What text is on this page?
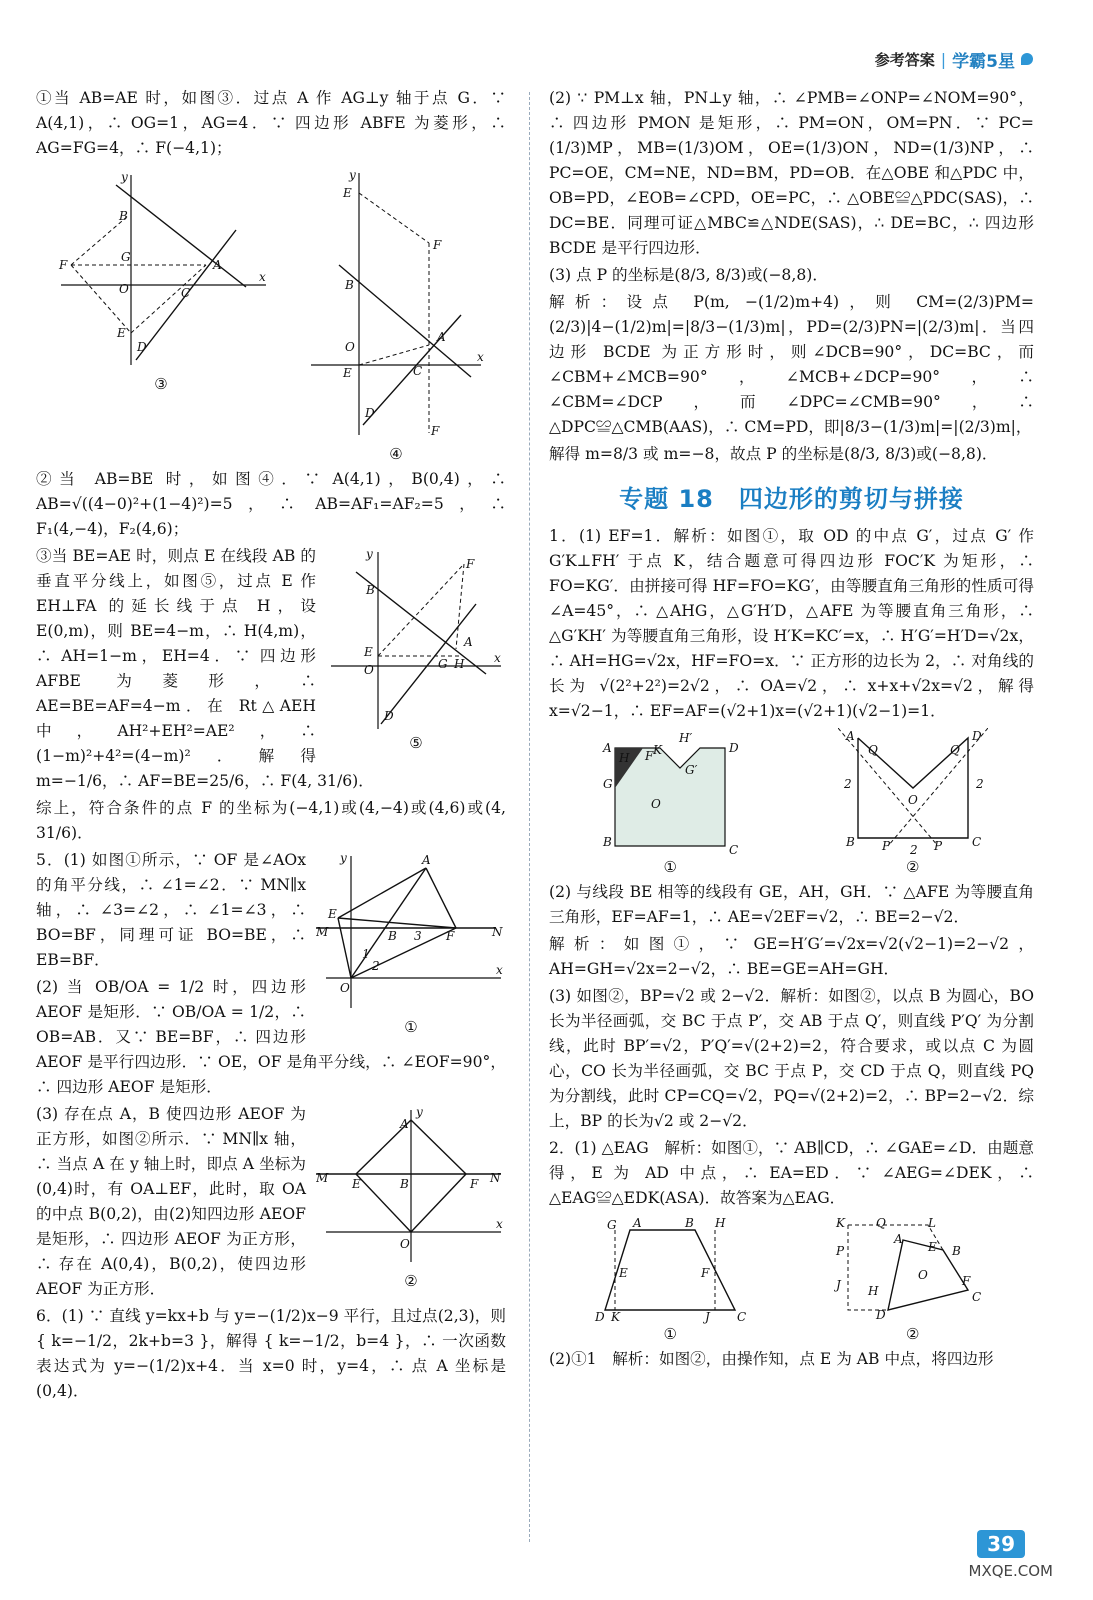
参考答案 | 学霸5星

①当 AB=AE 时，如图③．过点 A 作 AG⊥y 轴于点 G．∵ A(4,1)，∴ OG=1，AG=4．∵ 四边形 ABFE 为菱形，∴ AG=FG=4，∴ F(−4,1)；

y
x
B
F
G
A
O	C
E
D
③
y
x
E
F
B
O
A
E	C
D
F
④

②当 AB=BE 时，如图④．∵ A(4,1)，B(0,4)，∴ AB=√((4−0)²+(1−4)²)=5，∴ AB=AF₁=AF₂=5，∴ F₁(4,−4)，F₂(4,6)；

y
x
B
F
E
O
A
G H
D
⑤

③当 BE=AE 时，则点 E 在线段 AB 的垂直平分线上，如图⑤，过点 E 作 EH⊥FA 的延长线于点 H，设 E(0,m)，则 BE=4−m，∴ H(4,m)，∴ AH=1−m，EH=4．∵ 四边形 AFBE 为菱形，∴ AE=BE=AF=4−m．在 Rt△AEH 中，AH²+EH²=AE²，∴ (1−m)²+4²=(4−m)²．解得 m=−1/6，∴ AF=BE=25/6，∴ F(4, 31/6)．

综上，符合条件的点 F 的坐标为(−4,1)或(4,−4)或(4,6)或(4, 31/6)．

y
x
M	N
A
E
B 3 F
1
2
O
①

5．(1) 如图①所示，∵ OF 是∠AOx 的角平分线，∴ ∠1=∠2．∵ MN∥x 轴，∴ ∠3=∠2，∴ ∠1=∠3，∴ BO=BF，同理可证 BO=BE，∴ EB=BF．

(2) 当 OB/OA = 1/2 时，四边形 AEOF 是矩形．∵ OB/OA = 1/2，∴ OB=AB．又∵ BE=BF，∴ 四边形 AEOF 是平行四边形．∵ OE，OF 是角平分线，∴ ∠EOF=90°，∴ 四边形 AEOF 是矩形．

y
x
M	N
A
E	B	F
O
②

(3) 存在点 A，B 使四边形 AEOF 为正方形，如图②所示．∵ MN∥x 轴，∴ 当点 A 在 y 轴上时，即点 A 坐标为(0,4)时，有 OA⊥EF，此时，取 OA 的中点 B(0,2)，由(2)知四边形 AEOF 是矩形，∴ 四边形 AEOF 为正方形，∴ 存在 A(0,4)，B(0,2)，使四边形 AEOF 为正方形．

6．(1) ∵ 直线 y=kx+b 与 y=−(1/2)x−9 平行，且过点(2,3)，则 { k=−1/2，2k+b=3 }，解得 { k=−1/2，b=4 }，∴ 一次函数表达式为 y=−(1/2)x+4．当 x=0 时，y=4，∴ 点 A 坐标是(0,4)．

(2) ∵ PM⊥x 轴，PN⊥y 轴，∴ ∠PMB=∠ONP=∠NOM=90°，∴ 四边形 PMON 是矩形，∴ PM=ON，OM=PN．∵ PC=(1/3)MP，MB=(1/3)OM，OE=(1/3)ON，ND=(1/3)NP，∴ PC=OE，CM=NE，ND=BM，PD=OB．在△OBE 和△PDC 中，OB=PD，∠EOB=∠CPD，OE=PC，∴ △OBE≌△PDC(SAS)，∴ DC=BE．同理可证△MBC≌△NDE(SAS)，∴ DE=BC，∴ 四边形 BCDE 是平行四边形．

(3) 点 P 的坐标是(8/3, 8/3)或(−8,8)．

解析：设点 P(m, −(1/2)m+4)，则 CM=(2/3)PM=(2/3)|4−(1/2)m|=|8/3−(1/3)m|，PD=(2/3)PN=|(2/3)m|．当四边形 BCDE 为正方形时，则∠DCB=90°，DC=BC，而∠CBM+∠MCB=90°，∠MCB+∠DCP=90°，∴ ∠CBM=∠DCP，而∠DPC=∠CMB=90°，∴ △DPC≌△CMB(AAS)，∴ CM=PD，即|8/3−(1/3)m|=|(2/3)m|，

解得 m=8/3 或 m=−8，故点 P 的坐标是(8/3, 8/3)或(−8,8)．

专题 18　四边形的剪切与拼接

1．(1) EF=1．解析：如图①，取 OD 的中点 G′，过点 G′ 作 G′K⊥FH′ 于点 K，结合题意可得四边形 FOC′K 为矩形，∴ FO=KG′．由拼接可得 HF=FO=KG′，由等腰直角三角形的性质可得∠A=45°，∴ △AHG，△G′H′D，△AFE 为等腰直角三角形，∴ △G′KH′ 为等腰直角三角形，设 H′K=KC′=x，∴ H′G′=H′D=√2x，∴ AH=HG=√2x，HF=FO=x．∵ 正方形的边长为 2，∴ 对角线的长为 √(2²+2²)=2√2，∴ OA=√2，∴ x+x+√2x=√2，解得 x=√2−1，∴ EF=AF=(√2+1)x=(√2+1)(√2−1)=1．

A
H F K
H′
G′
D
G
O
B
C
①
A	D
Q	Q
O
B	C
P	P
2
2	2
②

(2) 与线段 BE 相等的线段有 GE，AH，GH．∵ △AFE 为等腰直角三角形，EF=AF=1，∴ AE=√2EF=√2，∴ BE=2−√2．

解析：如图①，∵ GE=H′G′=√2x=√2(√2−1)=2−√2，AH=GH=√2x=2−√2，∴ BE=GE=AH=GH．

(3) 如图②，BP=√2 或 2−√2．解析：如图②，以点 B 为圆心，BO 长为半径画弧，交 BC 于点 P′，交 AB 于点 Q′，则直线 P′Q′ 为分割线，此时 BP′=√2，P′Q′=√(2+2)=2，符合要求，或以点 C 为圆心，CO 长为半径画弧，交 BC 于点 P，交 CD 于点 Q，则直线 PQ 为分割线，此时 CP=CQ=√2，PQ=√(2+2)=2，∴ BP=2−√2．综上，BP 的长为√2 或 2−√2．

2．(1) △EAG　解析：如图①，∵ AB∥CD，∴ ∠GAE=∠D．由题意得，E 为 AD 中点，∴ EA=ED．∵ ∠AEG=∠DEK，∴ △EAG≌△EDK(ASA)．故答案为△EAG．

G A	B H
E	F
D K	J C
①
K	Q	L
A
E B
P
O	F
J H	C
D
②

(2)①1　解析：如图②，由操作知，点 E 为 AB 中点，将四边形

39
MXQE.COM
